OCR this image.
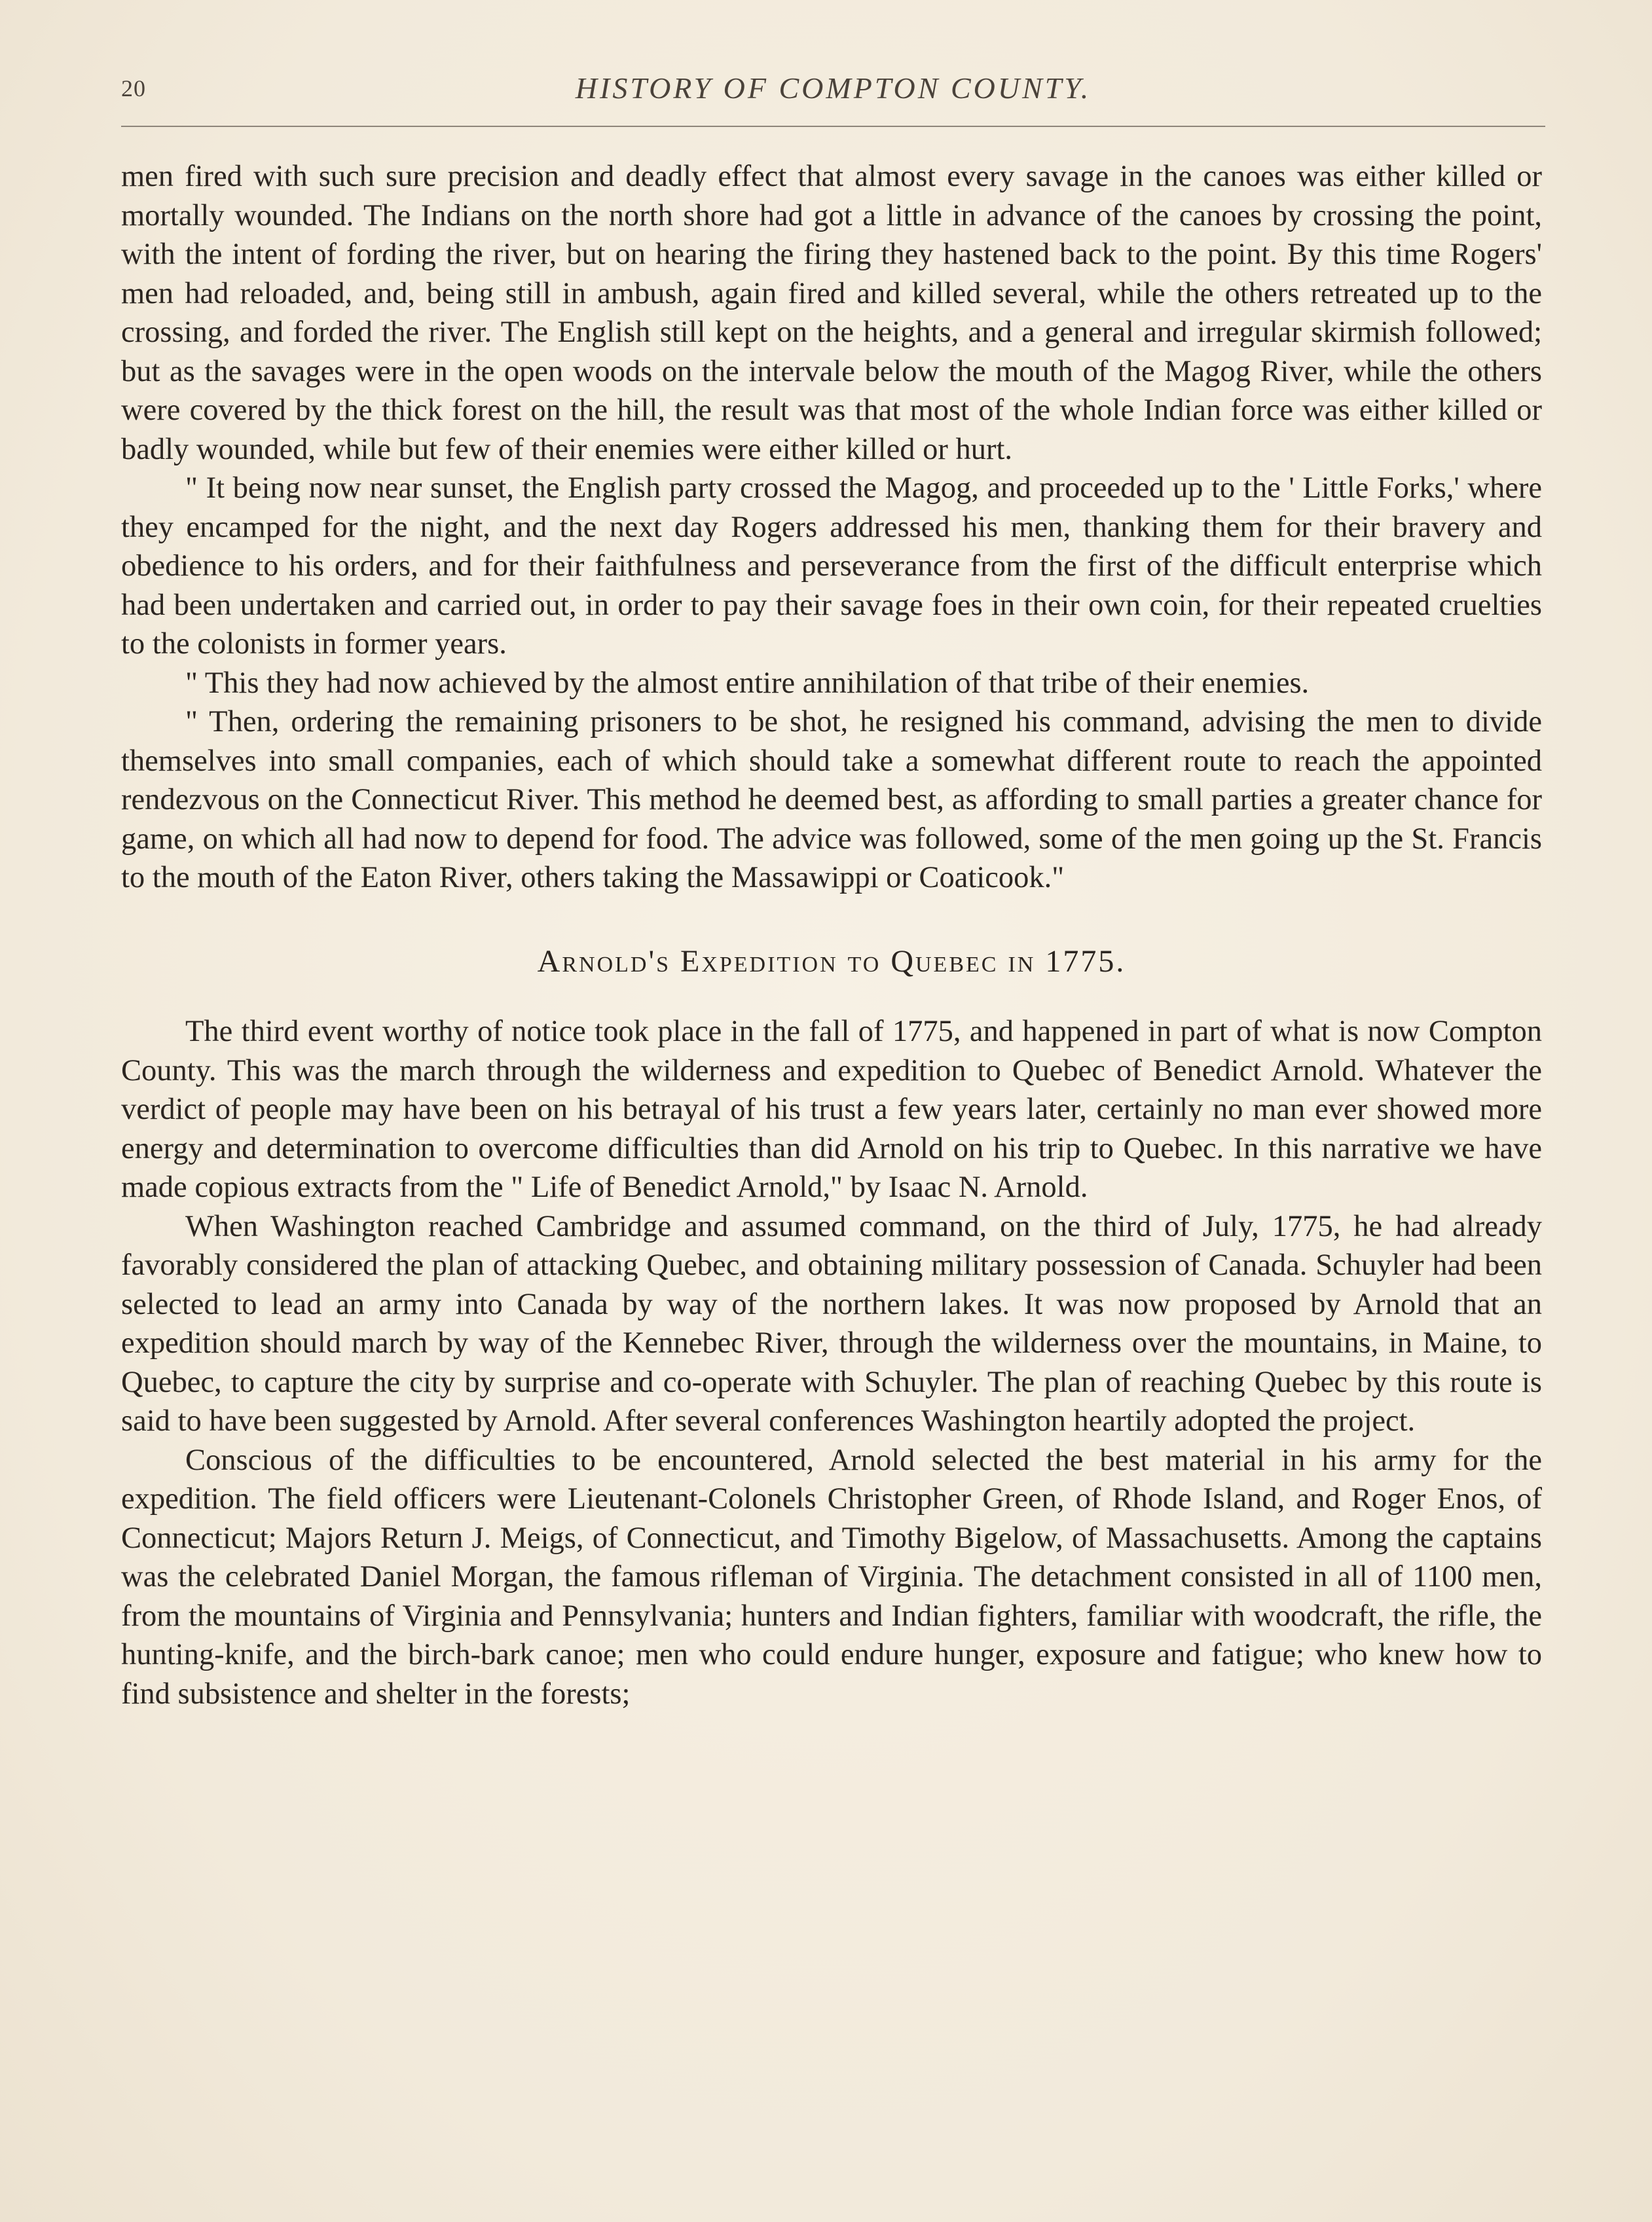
20	HISTORY OF COMPTON COUNTY.

men fired with such sure precision and deadly effect that almost every savage in the canoes was either killed or mortally wounded. The Indians on the north shore had got a little in advance of the canoes by crossing the point, with the intent of fording the river, but on hearing the firing they hastened back to the point. By this time Rogers' men had reloaded, and, being still in ambush, again fired and killed several, while the others retreated up to the crossing, and forded the river. The English still kept on the heights, and a general and irregular skirmish followed; but as the savages were in the open woods on the intervale below the mouth of the Magog River, while the others were covered by the thick forest on the hill, the result was that most of the whole Indian force was either killed or badly wounded, while but few of their enemies were either killed or hurt.

" It being now near sunset, the English party crossed the Magog, and proceeded up to the ' Little Forks,' where they encamped for the night, and the next day Rogers addressed his men, thanking them for their bravery and obedience to his orders, and for their faithfulness and perseverance from the first of the difficult enterprise which had been undertaken and carried out, in order to pay their savage foes in their own coin, for their repeated cruelties to the colonists in former years.

" This they had now achieved by the almost entire annihilation of that tribe of their enemies.

" Then, ordering the remaining prisoners to be shot, he resigned his command, advising the men to divide themselves into small companies, each of which should take a somewhat different route to reach the appointed rendezvous on the Connecticut River. This method he deemed best, as affording to small parties a greater chance for game, on which all had now to depend for food. The advice was followed, some of the men going up the St. Francis to the mouth of the Eaton River, others taking the Massawippi or Coaticook."

Arnold's Expedition to Quebec in 1775.

The third event worthy of notice took place in the fall of 1775, and happened in part of what is now Compton County. This was the march through the wilderness and expedition to Quebec of Benedict Arnold. Whatever the verdict of people may have been on his betrayal of his trust a few years later, certainly no man ever showed more energy and determination to overcome difficulties than did Arnold on his trip to Quebec. In this narrative we have made copious extracts from the " Life of Benedict Arnold," by Isaac N. Arnold.

When Washington reached Cambridge and assumed command, on the third of July, 1775, he had already favorably considered the plan of attacking Quebec, and obtaining military possession of Canada. Schuyler had been selected to lead an army into Canada by way of the northern lakes. It was now proposed by Arnold that an expedition should march by way of the Kennebec River, through the wilderness over the mountains, in Maine, to Quebec, to capture the city by surprise and co-operate with Schuyler. The plan of reaching Quebec by this route is said to have been suggested by Arnold. After several conferences Washington heartily adopted the project.

Conscious of the difficulties to be encountered, Arnold selected the best material in his army for the expedition. The field officers were Lieutenant-Colonels Christopher Green, of Rhode Island, and Roger Enos, of Connecticut; Majors Return J. Meigs, of Connecticut, and Timothy Bigelow, of Massachusetts. Among the captains was the celebrated Daniel Morgan, the famous rifleman of Virginia. The detachment consisted in all of 1100 men, from the mountains of Virginia and Pennsylvania; hunters and Indian fighters, familiar with woodcraft, the rifle, the hunting-knife, and the birch-bark canoe; men who could endure hunger, exposure and fatigue; who knew how to find subsistence and shelter in the forests;
